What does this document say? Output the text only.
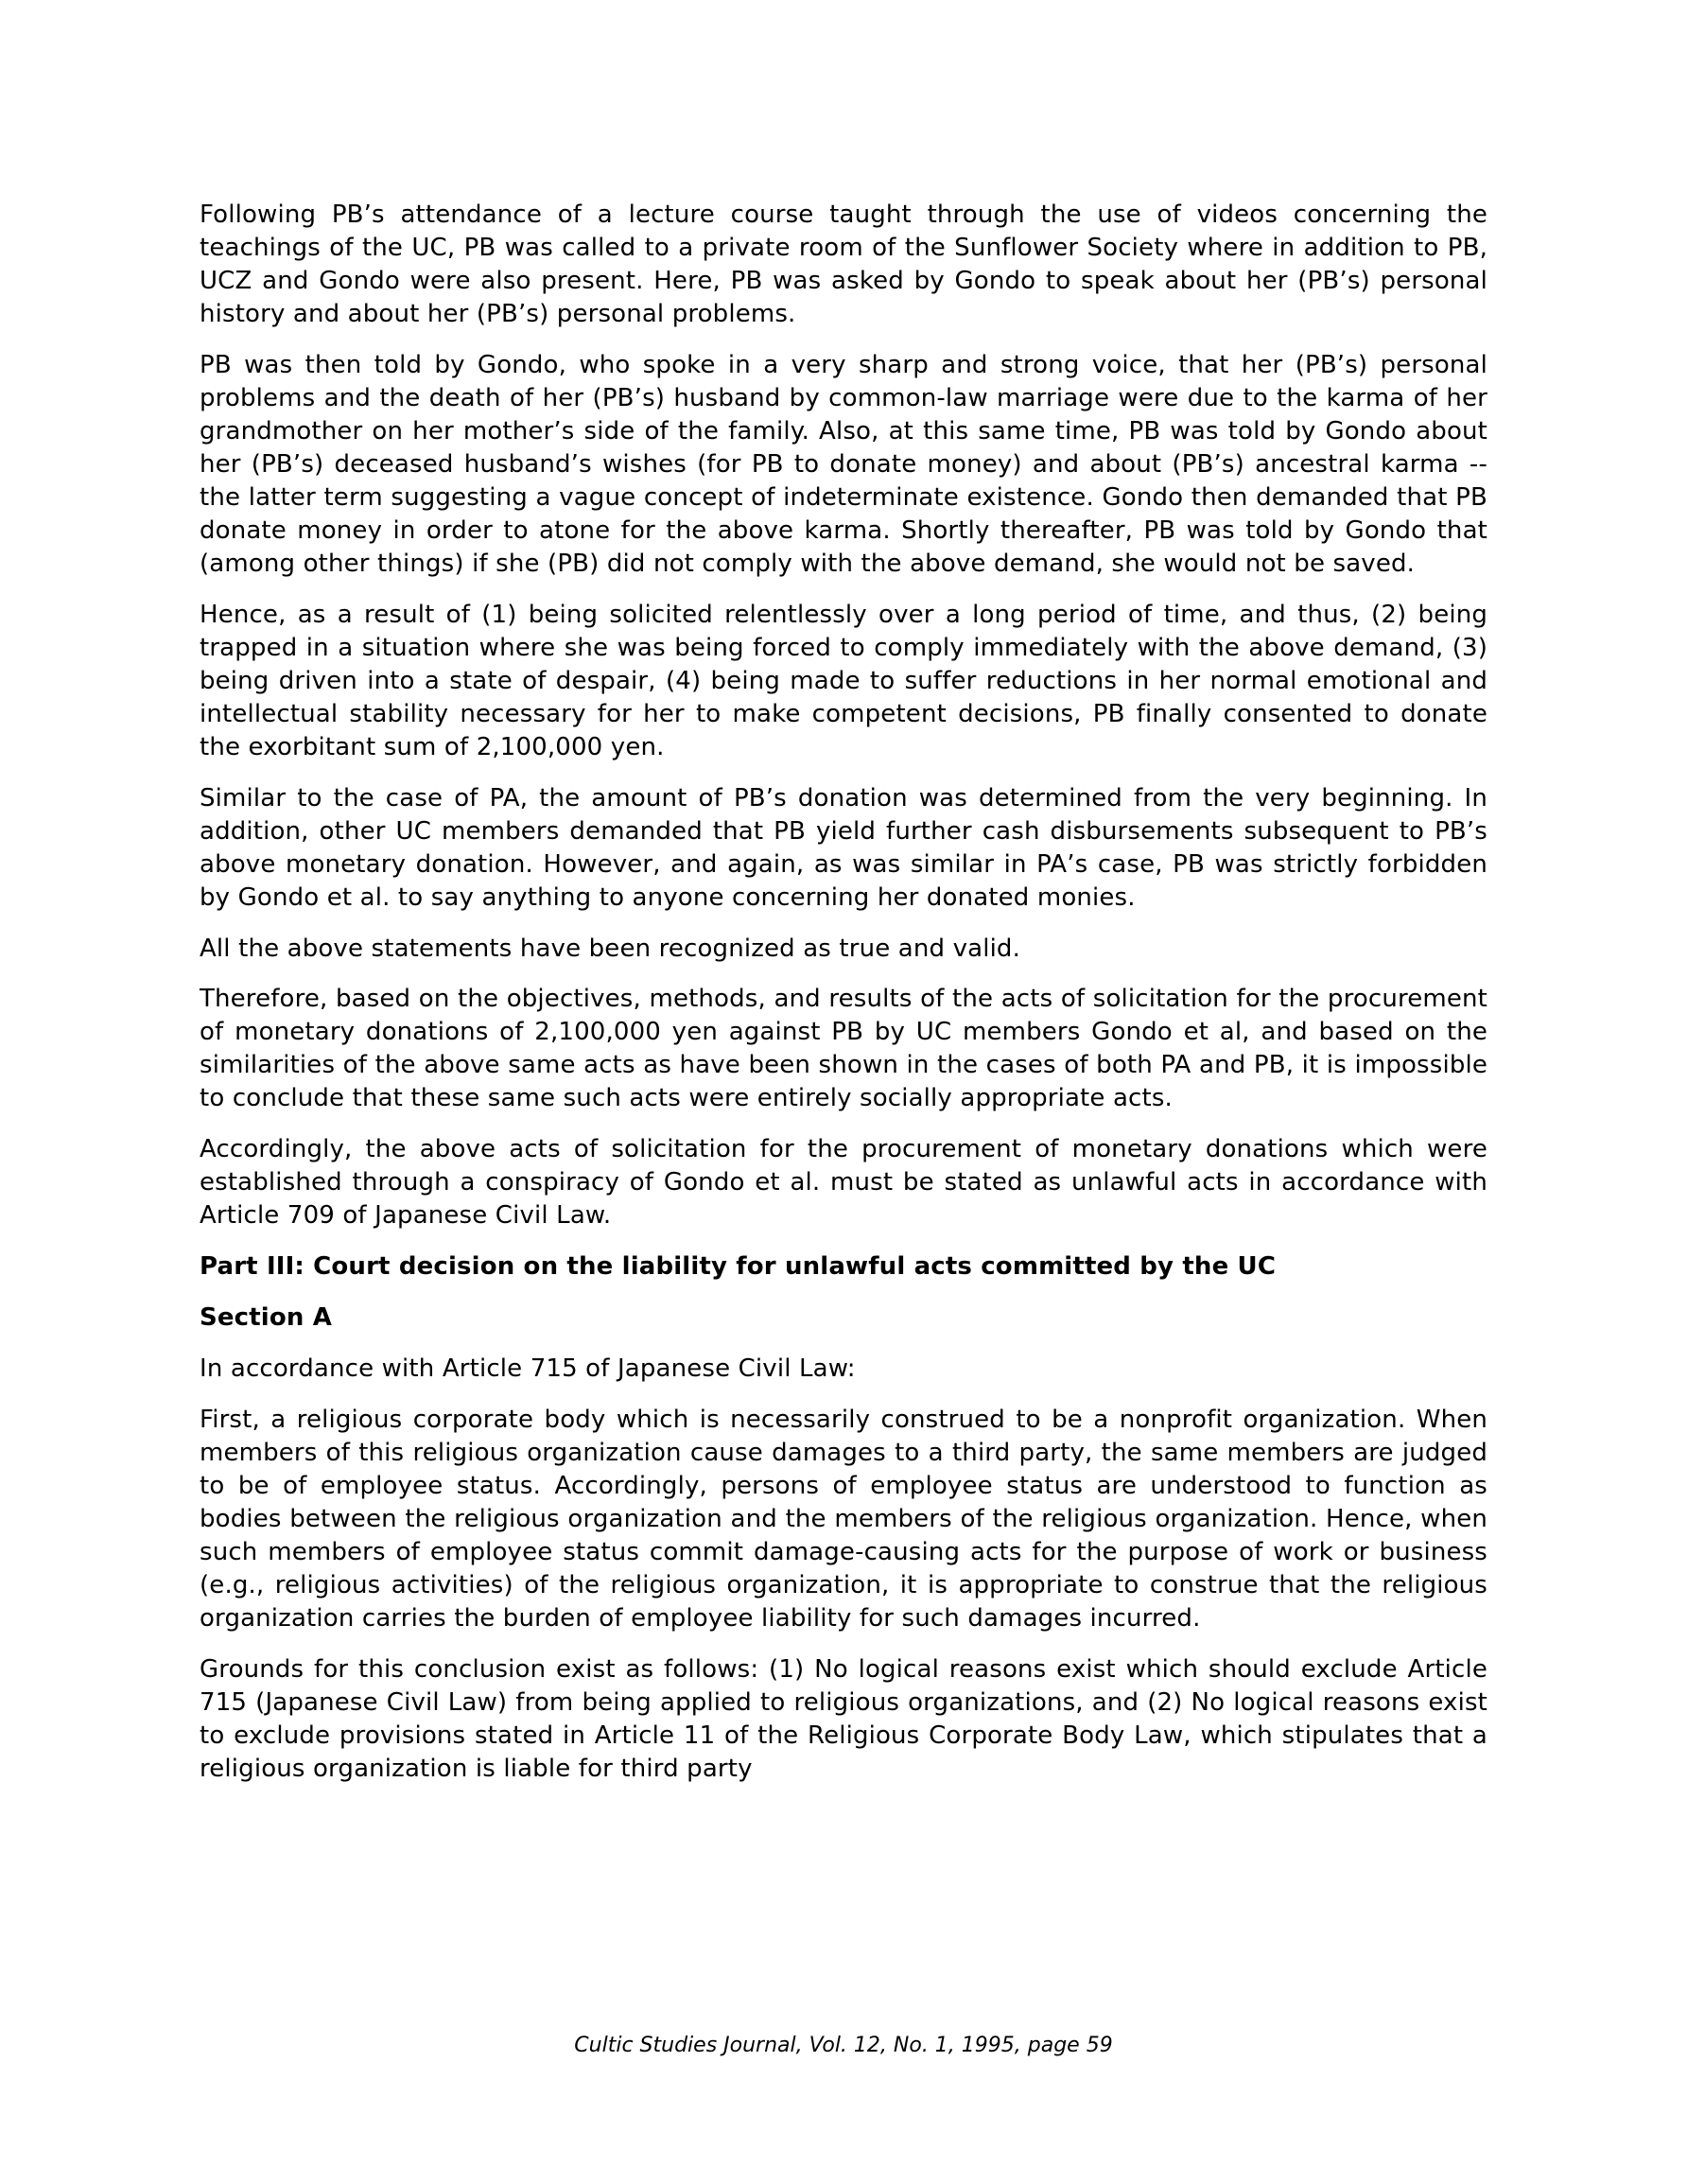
Following PB’s attendance of a lecture course taught through the use of videos concerning the teachings of the UC, PB was called to a private room of the Sunflower Society where in addition to PB, UCZ and Gondo were also present. Here, PB was asked by Gondo to speak about her (PB’s) personal history and about her (PB’s) personal problems.

PB was then told by Gondo, who spoke in a very sharp and strong voice, that her (PB’s) personal problems and the death of her (PB’s) husband by common-law marriage were due to the karma of her grandmother on her mother’s side of the family. Also, at this same time, PB was told by Gondo about her (PB’s) deceased husband’s wishes (for PB to donate money) and about (PB’s) ancestral karma -- the latter term suggesting a vague concept of indeterminate existence. Gondo then demanded that PB donate money in order to atone for the above karma. Shortly thereafter, PB was told by Gondo that (among other things) if she (PB) did not comply with the above demand, she would not be saved.

Hence, as a result of (1) being solicited relentlessly over a long period of time, and thus, (2) being trapped in a situation where she was being forced to comply immediately with the above demand, (3) being driven into a state of despair, (4) being made to suffer reductions in her normal emotional and intellectual stability necessary for her to make competent decisions, PB finally consented to donate the exorbitant sum of 2,100,000 yen.

Similar to the case of PA, the amount of PB’s donation was determined from the very beginning. In addition, other UC members demanded that PB yield further cash disbursements subsequent to PB’s above monetary donation. However, and again, as was similar in PA’s case, PB was strictly forbidden by Gondo et al. to say anything to anyone concerning her donated monies.

All the above statements have been recognized as true and valid.

Therefore, based on the objectives, methods, and results of the acts of solicitation for the procurement of monetary donations of 2,100,000 yen against PB by UC members Gondo et al, and based on the similarities of the above same acts as have been shown in the cases of both PA and PB, it is impossible to conclude that these same such acts were entirely socially appropriate acts.

Accordingly, the above acts of solicitation for the procurement of monetary donations which were established through a conspiracy of Gondo et al. must be stated as unlawful acts in accordance with Article 709 of Japanese Civil Law.

Part III: Court decision on the liability for unlawful acts committed by the UC

Section A

In accordance with Article 715 of Japanese Civil Law:

First, a religious corporate body which is necessarily construed to be a nonprofit organization. When members of this religious organization cause damages to a third party, the same members are judged to be of employee status. Accordingly, persons of employee status are understood to function as bodies between the religious organization and the members of the religious organization. Hence, when such members of employee status commit damage-causing acts for the purpose of work or business (e.g., religious activities) of the religious organization, it is appropriate to construe that the religious organization carries the burden of employee liability for such damages incurred.

Grounds for this conclusion exist as follows: (1) No logical reasons exist which should exclude Article 715 (Japanese Civil Law) from being applied to religious organizations, and (2) No logical reasons exist to exclude provisions stated in Article 11 of the Religious Corporate Body Law, which stipulates that a religious organization is liable for third party

Cultic Studies Journal, Vol. 12, No. 1, 1995, page 59
